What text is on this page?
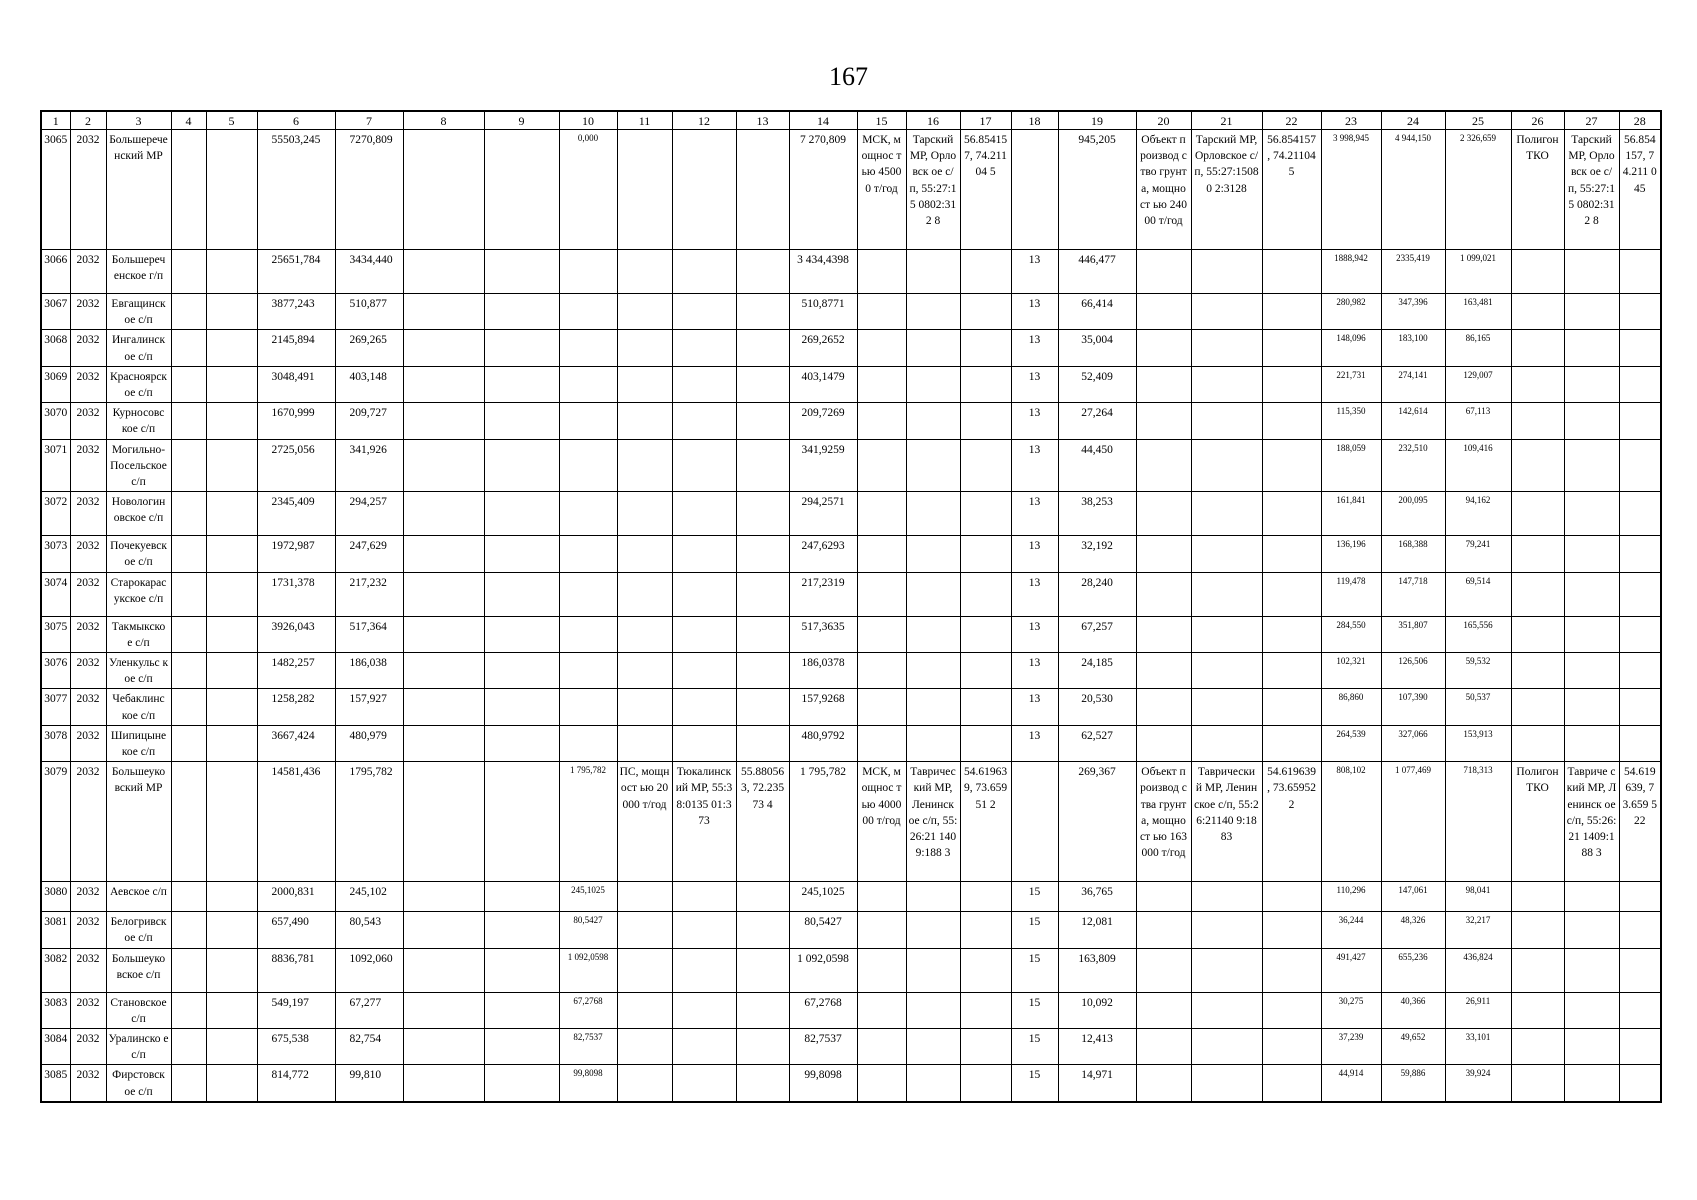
167
1	2	3	4	5	6	7	8	9	10	11	12	13	14	15	16	17	18	19	20	21	22	23	24	25	26	27	28
3065	2032	Большереченский МР			55503,245	7270,809			0,000				7 270,809	МСК, мощнос тью 45000 т/год	Тарский МР, Орловск ое с/п, 55:27:15 0802:312 8	56.85415 7, 74.21104 5		945,205	Объект производ ство грунта, мощност ью 24000 т/год	Тарский МР, Орловское с/п, 55:27:15080 2:3128	56.854157 , 74.211045	3 998,945	4 944,150	2 326,659	Полигон ТКО	Тарский МР, Орловск ое с/п, 55:27:15 0802:312 8	56.854 157, 74.211 045
3066	2032	Большереч енское г/п			25651,784	3434,440							3 434,4398				13	446,477				1888,942	2335,419	1 099,021			
3067	2032	Евгащинск ое с/п			3877,243	510,877							510,8771				13	66,414				280,982	347,396	163,481			
3068	2032	Ингалинск ое с/п			2145,894	269,265							269,2652				13	35,004				148,096	183,100	86,165			
3069	2032	Красноярск ое с/п			3048,491	403,148							403,1479				13	52,409				221,731	274,141	129,007			
3070	2032	Курносовс кое с/п			1670,999	209,727							209,7269				13	27,264				115,350	142,614	67,113			
3071	2032	Могильно- Посельское с/п			2725,056	341,926							341,9259				13	44,450				188,059	232,510	109,416			
3072	2032	Новологин овское с/п			2345,409	294,257							294,2571				13	38,253				161,841	200,095	94,162			
3073	2032	Почекуевск ое с/п			1972,987	247,629							247,6293				13	32,192				136,196	168,388	79,241			
3074	2032	Старокарас укское с/п			1731,378	217,232							217,2319				13	28,240				119,478	147,718	69,514			
3075	2032	Такмыкско е с/п			3926,043	517,364							517,3635				13	67,257				284,550	351,807	165,556			
3076	2032	Уленкульс кое с/п			1482,257	186,038							186,0378				13	24,185				102,321	126,506	59,532			
3077	2032	Чебаклинс кое с/п			1258,282	157,927							157,9268				13	20,530				86,860	107,390	50,537			
3078	2032	Шипицыне кое с/п			3667,424	480,979							480,9792				13	62,527				264,539	327,066	153,913			
3079	2032	Большеуко вский МР			14581,436	1795,782			1 795,782	ПС, мощност ью 20000 т/год	Тюкалинск ий МР, 55:38:0135 01:373	55.88056 3, 72.23573 4	1 795,782	МСК, мощнос тью 400000 т/год	Тавричес кий МР, Ленинск ое с/п, 55:26:21 1409:188 3	54.61963 9, 73.65951 2		269,367	Объект производ ства грунта, мощност ью 163000 т/год	Таврически й МР, Ленинское с/п, 55:26:21140 9:1883	54.619639 , 73.659522	808,102	1 077,469	718,313	Полигон ТКО	Тавриче ский МР, Ленинск ое с/п, 55:26:21 1409:188 3	54.619 639, 73.659 522
3080	2032	Аевское с/п			2000,831	245,102			245,1025				245,1025				15	36,765				110,296	147,061	98,041			
3081	2032	Белогривск ое с/п			657,490	80,543			80,5427				80,5427				15	12,081				36,244	48,326	32,217			
3082	2032	Большеуко вское с/п			8836,781	1092,060			1 092,0598				1 092,0598				15	163,809				491,427	655,236	436,824			
3083	2032	Становское с/п			549,197	67,277			67,2768				67,2768				15	10,092				30,275	40,366	26,911			
3084	2032	Уралинско е с/п			675,538	82,754			82,7537				82,7537				15	12,413				37,239	49,652	33,101			
3085	2032	Фирстовск ое с/п			814,772	99,810			99,8098				99,8098				15	14,971				44,914	59,886	39,924			
